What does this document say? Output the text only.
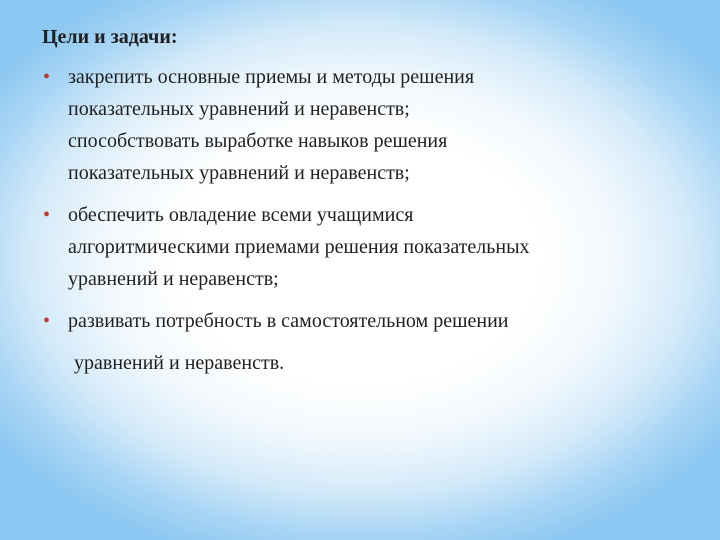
Цели и задачи:
• закрепить основные приемы и методы решения
показательных уравнений и неравенств;
способствовать выработке навыков решения
показательных уравнений и неравенств;
• обеспечить овладение всеми учащимися
алгоритмическими приемами решения показательных
уравнений и неравенств;
• развивать потребность в самостоятельном решении
уравнений и неравенств.
